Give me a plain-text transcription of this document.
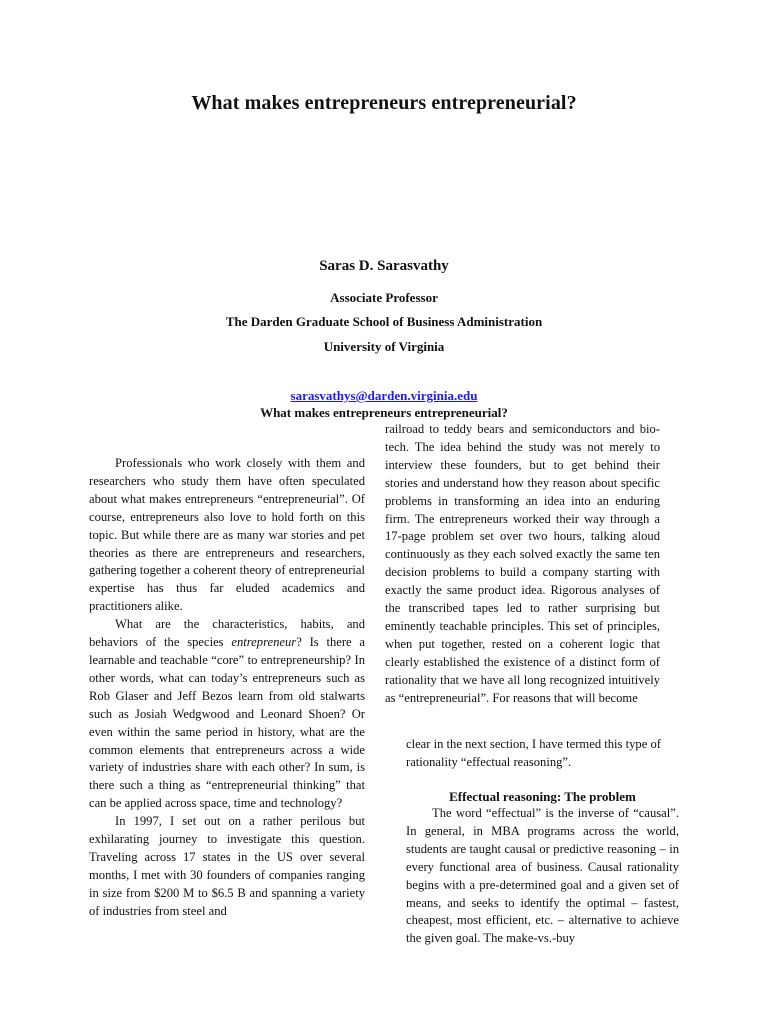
What makes entrepreneurs entrepreneurial?
Saras D. Sarasvathy
Associate Professor
The Darden Graduate School of Business Administration
University of Virginia
sarasvathys@darden.virginia.edu
What makes entrepreneurs entrepreneurial?

Professionals who work closely with them and researchers who study them have often speculated about what makes entrepreneurs “entrepreneurial”. Of course, entrepreneurs also love to hold forth on this topic. But while there are as many war stories and pet theories as there are entrepreneurs and researchers, gathering together a coherent theory of entrepreneurial expertise has thus far eluded academics and practitioners alike.

What are the characteristics, habits, and behaviors of the species entrepreneur? Is there a learnable and teachable “core” to entrepreneurship? In other words, what can today’s entrepreneurs such as Rob Glaser and Jeff Bezos learn from old stalwarts such as Josiah Wedgwood and Leonard Shoen? Or even within the same period in history, what are the common elements that entrepreneurs across a wide variety of industries share with each other? In sum, is there such a thing as “entrepreneurial thinking” that can be applied across space, time and technology?

In 1997, I set out on a rather perilous but exhilarating journey to investigate this question. Traveling across 17 states in the US over several months, I met with 30 founders of companies ranging in size from $200 M to $6.5 B and spanning a variety of industries from steel and

railroad to teddy bears and semiconductors and bio-tech. The idea behind the study was not merely to interview these founders, but to get behind their stories and understand how they reason about specific problems in transforming an idea into an enduring firm. The entrepreneurs worked their way through a 17-page problem set over two hours, talking aloud continuously as they each solved exactly the same ten decision problems to build a company starting with exactly the same product idea. Rigorous analyses of the transcribed tapes led to rather surprising but eminently teachable principles. This set of principles, when put together, rested on a coherent logic that clearly established the existence of a distinct form of rationality that we have all long recognized intuitively as “entrepreneurial”. For reasons that will become

clear in the next section, I have termed this type of rationality “effectual reasoning”.

Effectual reasoning: The problem

The word “effectual” is the inverse of “causal”. In general, in MBA programs across the world, students are taught causal or predictive reasoning – in every functional area of business. Causal rationality begins with a pre-determined goal and a given set of means, and seeks to identify the optimal – fastest, cheapest, most efficient, etc. – alternative to achieve the given goal. The make-vs.-buy
